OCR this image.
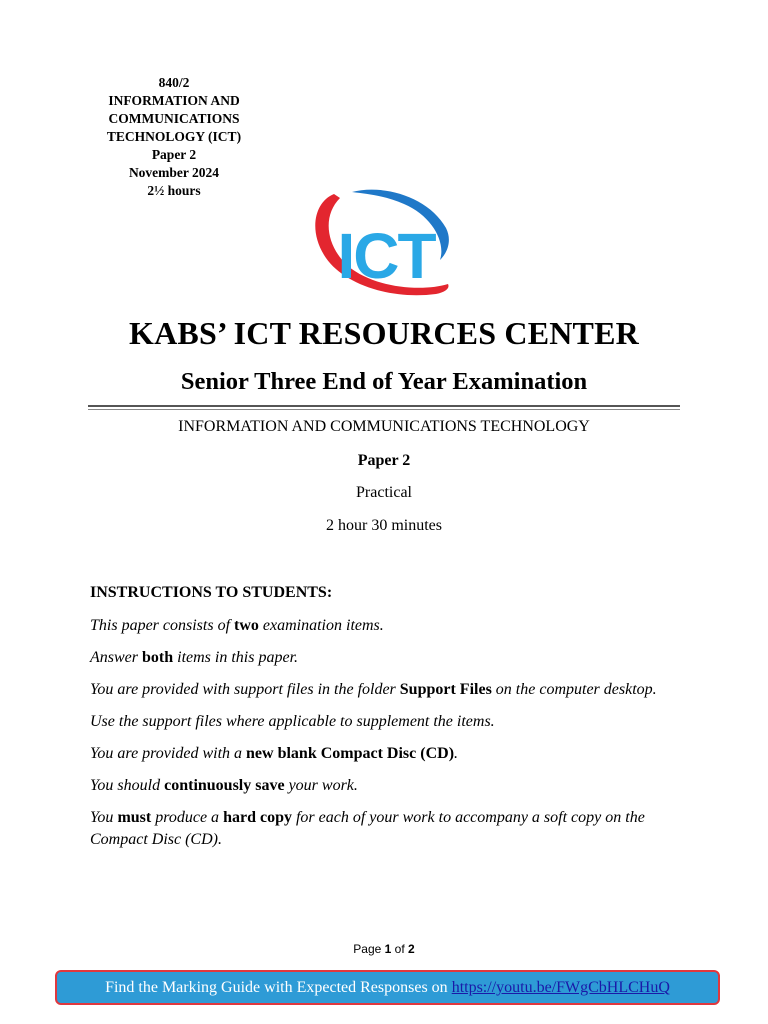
840/2
INFORMATION AND
COMMUNICATIONS
TECHNOLOGY (ICT)
Paper 2
November 2024
2½ hours
ICT
KABS’ ICT RESOURCES CENTER
Senior Three End of Year Examination
INFORMATION AND COMMUNICATIONS TECHNOLOGY
Paper 2
Practical
2 hour 30 minutes
INSTRUCTIONS TO STUDENTS:

This paper consists of two examination items.

Answer both items in this paper.

You are provided with support files in the folder Support Files on the computer desktop.

Use the support files where applicable to supplement the items.

You are provided with a new blank Compact Disc (CD).

You should continuously save your work.

You must produce a hard copy for each of your work to accompany a soft copy on the Compact Disc (CD).

Page 1 of 2
Find the Marking Guide with Expected Responses on https://youtu.be/FWgCbHLCHuQ
